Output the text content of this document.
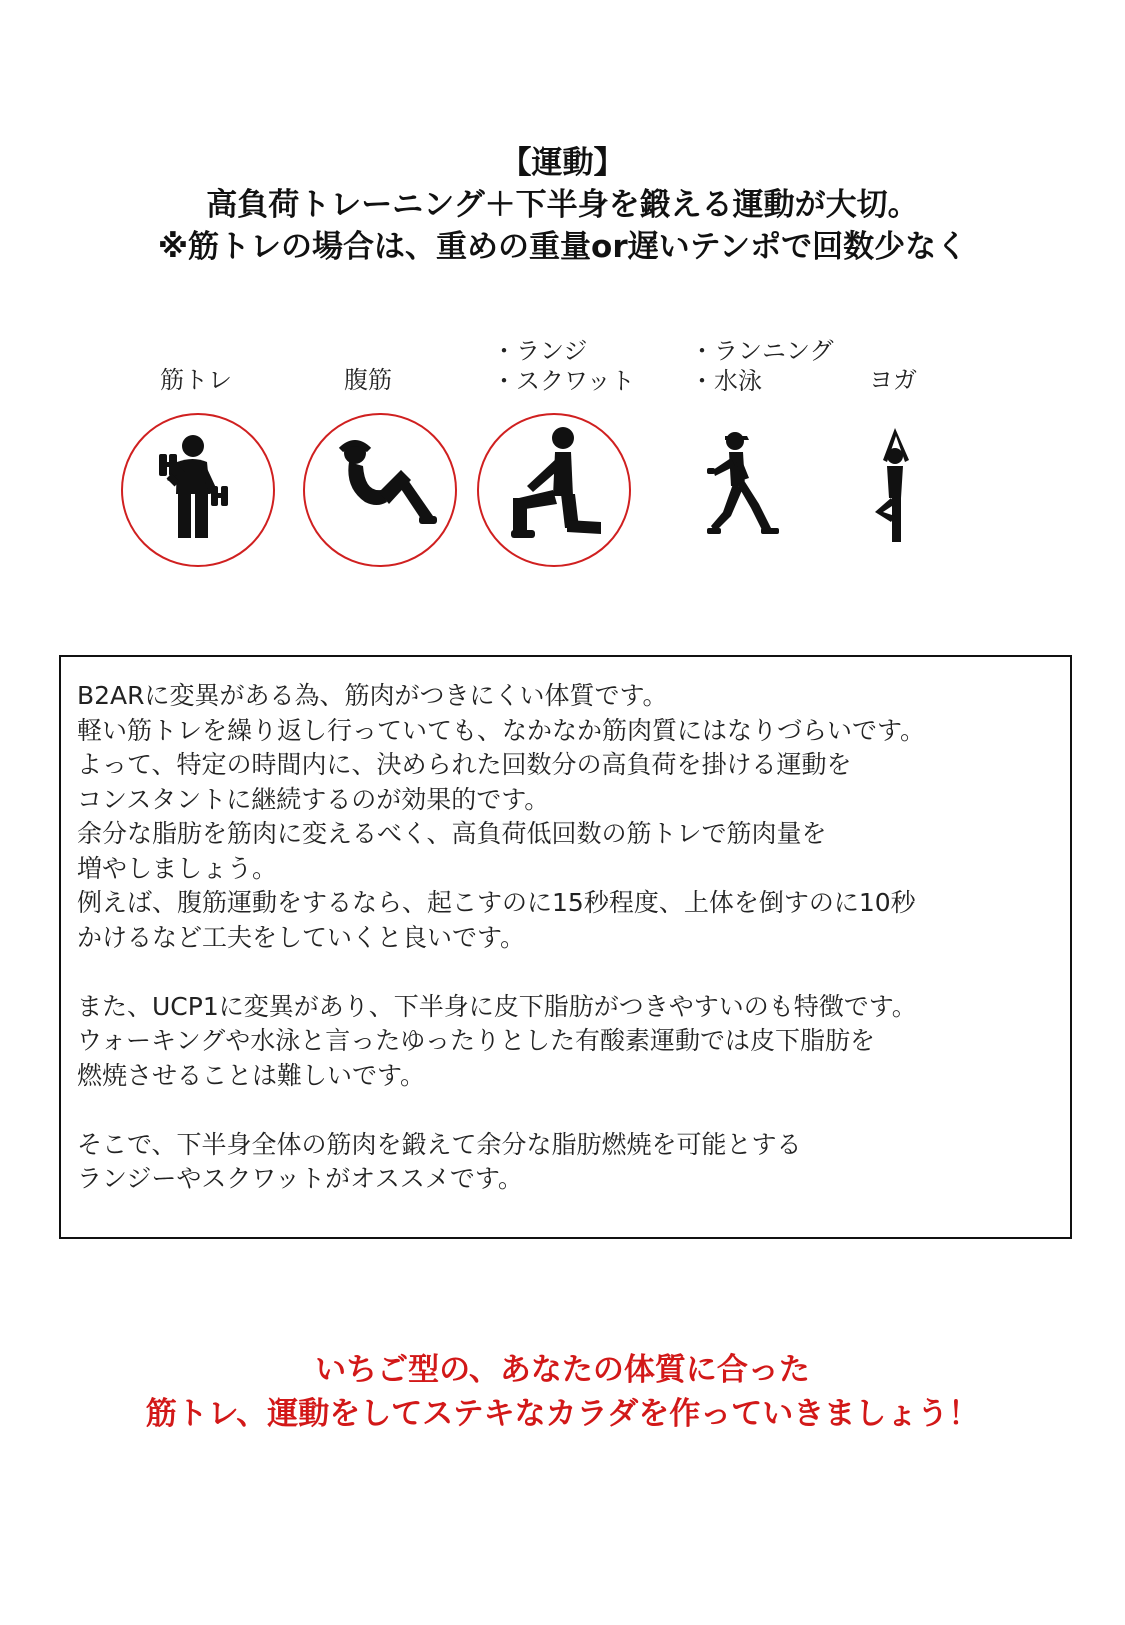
【運動】
高負荷トレーニング＋下半身を鍛える運動が大切。
※筋トレの場合は、重めの重量or遅いテンポで回数少なく
筋トレ	腹筋
・ランジ
・スクワット
・ランニング
・水泳	ヨガ

B2ARに変異がある為、筋肉がつきにくい体質です。

軽い筋トレを繰り返し行っていても、なかなか筋肉質にはなりづらいです。

よって、特定の時間内に、決められた回数分の高負荷を掛ける運動を

コンスタントに継続するのが効果的です。

余分な脂肪を筋肉に変えるべく、高負荷低回数の筋トレで筋肉量を

増やしましょう。

例えば、腹筋運動をするなら、起こすのに15秒程度、上体を倒すのに10秒

かけるなど工夫をしていくと良いです。

また、UCP1に変異があり、下半身に皮下脂肪がつきやすいのも特徴です。

ウォーキングや水泳と言ったゆったりとした有酸素運動では皮下脂肪を

燃焼させることは難しいです。

そこで、下半身全体の筋肉を鍛えて余分な脂肪燃焼を可能とする

ランジーやスクワットがオススメです。

いちご型の、あなたの体質に合った
筋トレ、運動をしてステキなカラダを作っていきましょう！
